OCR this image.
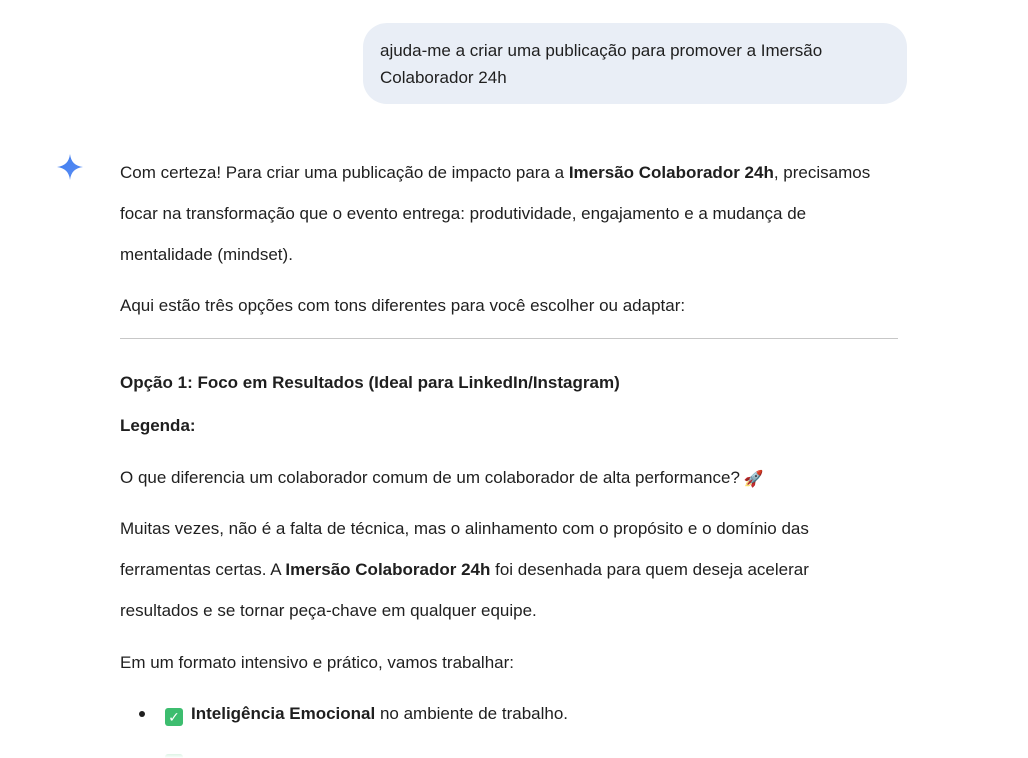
ajuda-me a criar uma publicação para promover a Imersão Colaborador 24h

Com certeza! Para criar uma publicação de impacto para a Imersão Colaborador 24h, precisamos focar na transformação que o evento entrega: produtividade, engajamento e a mudança de mentalidade (mindset).

Aqui estão três opções com tons diferentes para você escolher ou adaptar:
Opção 1: Foco em Resultados (Ideal para LinkedIn/Instagram)
Legenda:
O que diferencia um colaborador comum de um colaborador de alta performance? 🚀

Muitas vezes, não é a falta de técnica, mas o alinhamento com o propósito e o domínio das ferramentas certas. A Imersão Colaborador 24h foi desenhada para quem deseja acelerar resultados e se tornar peça-chave em qualquer equipe.

Em um formato intensivo e prático, vamos trabalhar:
✓ Inteligência Emocional no ambiente de trabalho.
